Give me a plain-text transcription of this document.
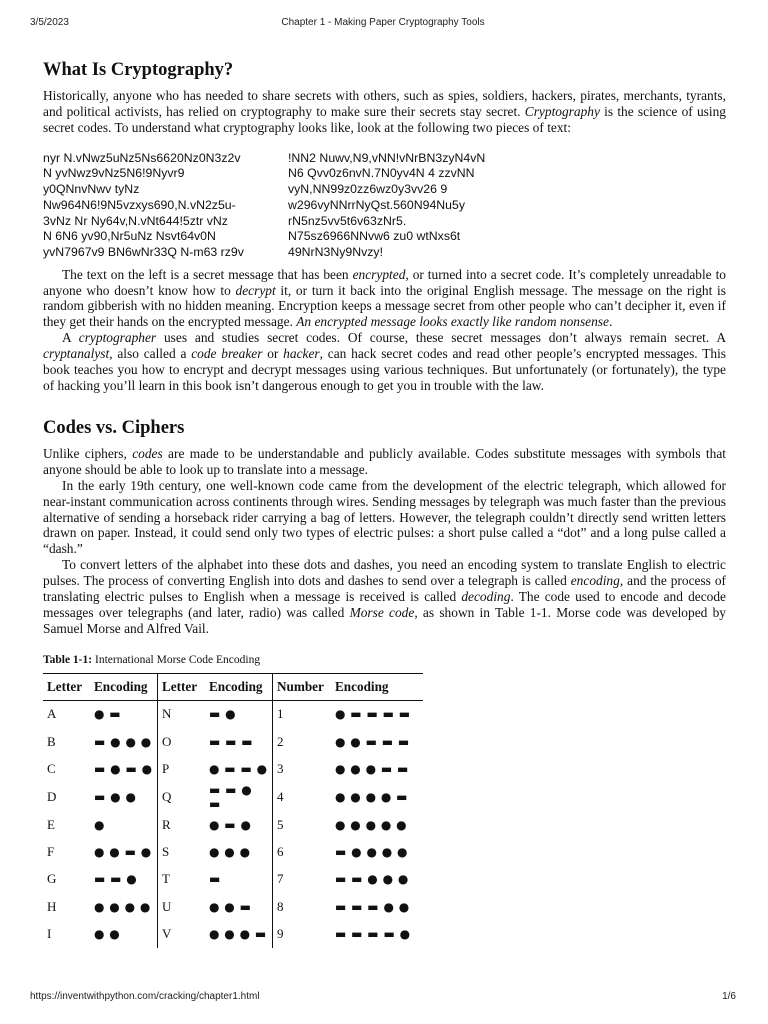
3/5/2023	Chapter 1 - Making Paper Cryptography Tools
What Is Cryptography?

Historically, anyone who has needed to share secrets with others, such as spies, soldiers, hackers, pirates, merchants, tyrants, and political activists, has relied on cryptography to make sure their secrets stay secret. Cryptography is the science of using secret codes. To understand what cryptography looks like, look at the following two pieces of text:

nyr N.vNwz5uNz5Ns6620Nz0N3z2v
N yvNwz9vNz5N6!9Nyvr9
y0QNnvNwv tyNz
Nw964N6!9N5vzxys690,N.vN2z5u-
3vNz Nr Ny64v,N.vNt644!5ztr vNz
N 6N6 yv90,Nr5uNz Nsvt64v0N
yvN7967v9 BN6wNr33Q N-m63 rz9v
!NN2 Nuwv,N9,vNN!vNrBN3zyN4vN
N6 Qvv0z6nvN.7N0yv4N 4 zzvNN
vyN,NN99z0zz6wz0y3vv26 9
w296vyNNrrNyQst.560N94Nu5y
rN5nz5vv5t6v63zNr5.
N75sz6966NNvw6 zu0 wtNxs6t
49NrN3Ny9Nvzy!

The text on the left is a secret message that has been encrypted, or turned into a secret code. It’s completely unreadable to anyone who doesn’t know how to decrypt it, or turn it back into the original English message. The message on the right is random gibberish with no hidden meaning. Encryption keeps a message secret from other people who can’t decipher it, even if they get their hands on the encrypted message. An encrypted message looks exactly like random nonsense.

A cryptographer uses and studies secret codes. Of course, these secret messages don’t always remain secret. A cryptanalyst, also called a code breaker or hacker, can hack secret codes and read other people’s encrypted messages. This book teaches you how to encrypt and decrypt messages using various techniques. But unfortunately (or fortunately), the type of hacking you’ll learn in this book isn’t dangerous enough to get you in trouble with the law.

Codes vs. Ciphers

Unlike ciphers, codes are made to be understandable and publicly available. Codes substitute messages with symbols that anyone should be able to look up to translate into a message.

In the early 19th century, one well-known code came from the development of the electric telegraph, which allowed for near-instant communication across continents through wires. Sending messages by telegraph was much faster than the previous alternative of sending a horseback rider carrying a bag of letters. However, the telegraph couldn’t directly send written letters drawn on paper. Instead, it could send only two types of electric pulses: a short pulse called a “dot” and a long pulse called a “dash.”

To convert letters of the alphabet into these dots and dashes, you need an encoding system to translate English to electric pulses. The process of converting English into dots and dashes to send over a telegraph is called encoding, and the process of translating electric pulses to English when a message is received is called decoding. The code used to encode and decode messages over telegraphs (and later, radio) was called Morse code, as shown in Table 1-1. Morse code was developed by Samuel Morse and Alfred Vail.

Table 1-1: International Morse Code Encoding
Letter	Encoding	Letter	Encoding	Number	Encoding
A	● ▬	N	▬ ●	1	● ▬ ▬ ▬ ▬
B	▬ ● ● ●	O	▬ ▬ ▬	2	● ● ▬ ▬ ▬
C	▬ ● ▬ ●	P	● ▬ ▬ ●	3	● ● ● ▬ ▬
D	▬ ● ●	Q	▬ ▬ ● ▬	4	● ● ● ● ▬
E	●	R	● ▬ ●	5	● ● ● ● ●
F	● ● ▬ ●	S	● ● ●	6	▬ ● ● ● ●
G	▬ ▬ ●	T	▬	7	▬ ▬ ● ● ●
H	● ● ● ●	U	● ● ▬	8	▬ ▬ ▬ ● ●
I	● ●	V	● ● ● ▬	9	▬ ▬ ▬ ▬ ●
https://inventwithpython.com/cracking/chapter1.html	1/6
